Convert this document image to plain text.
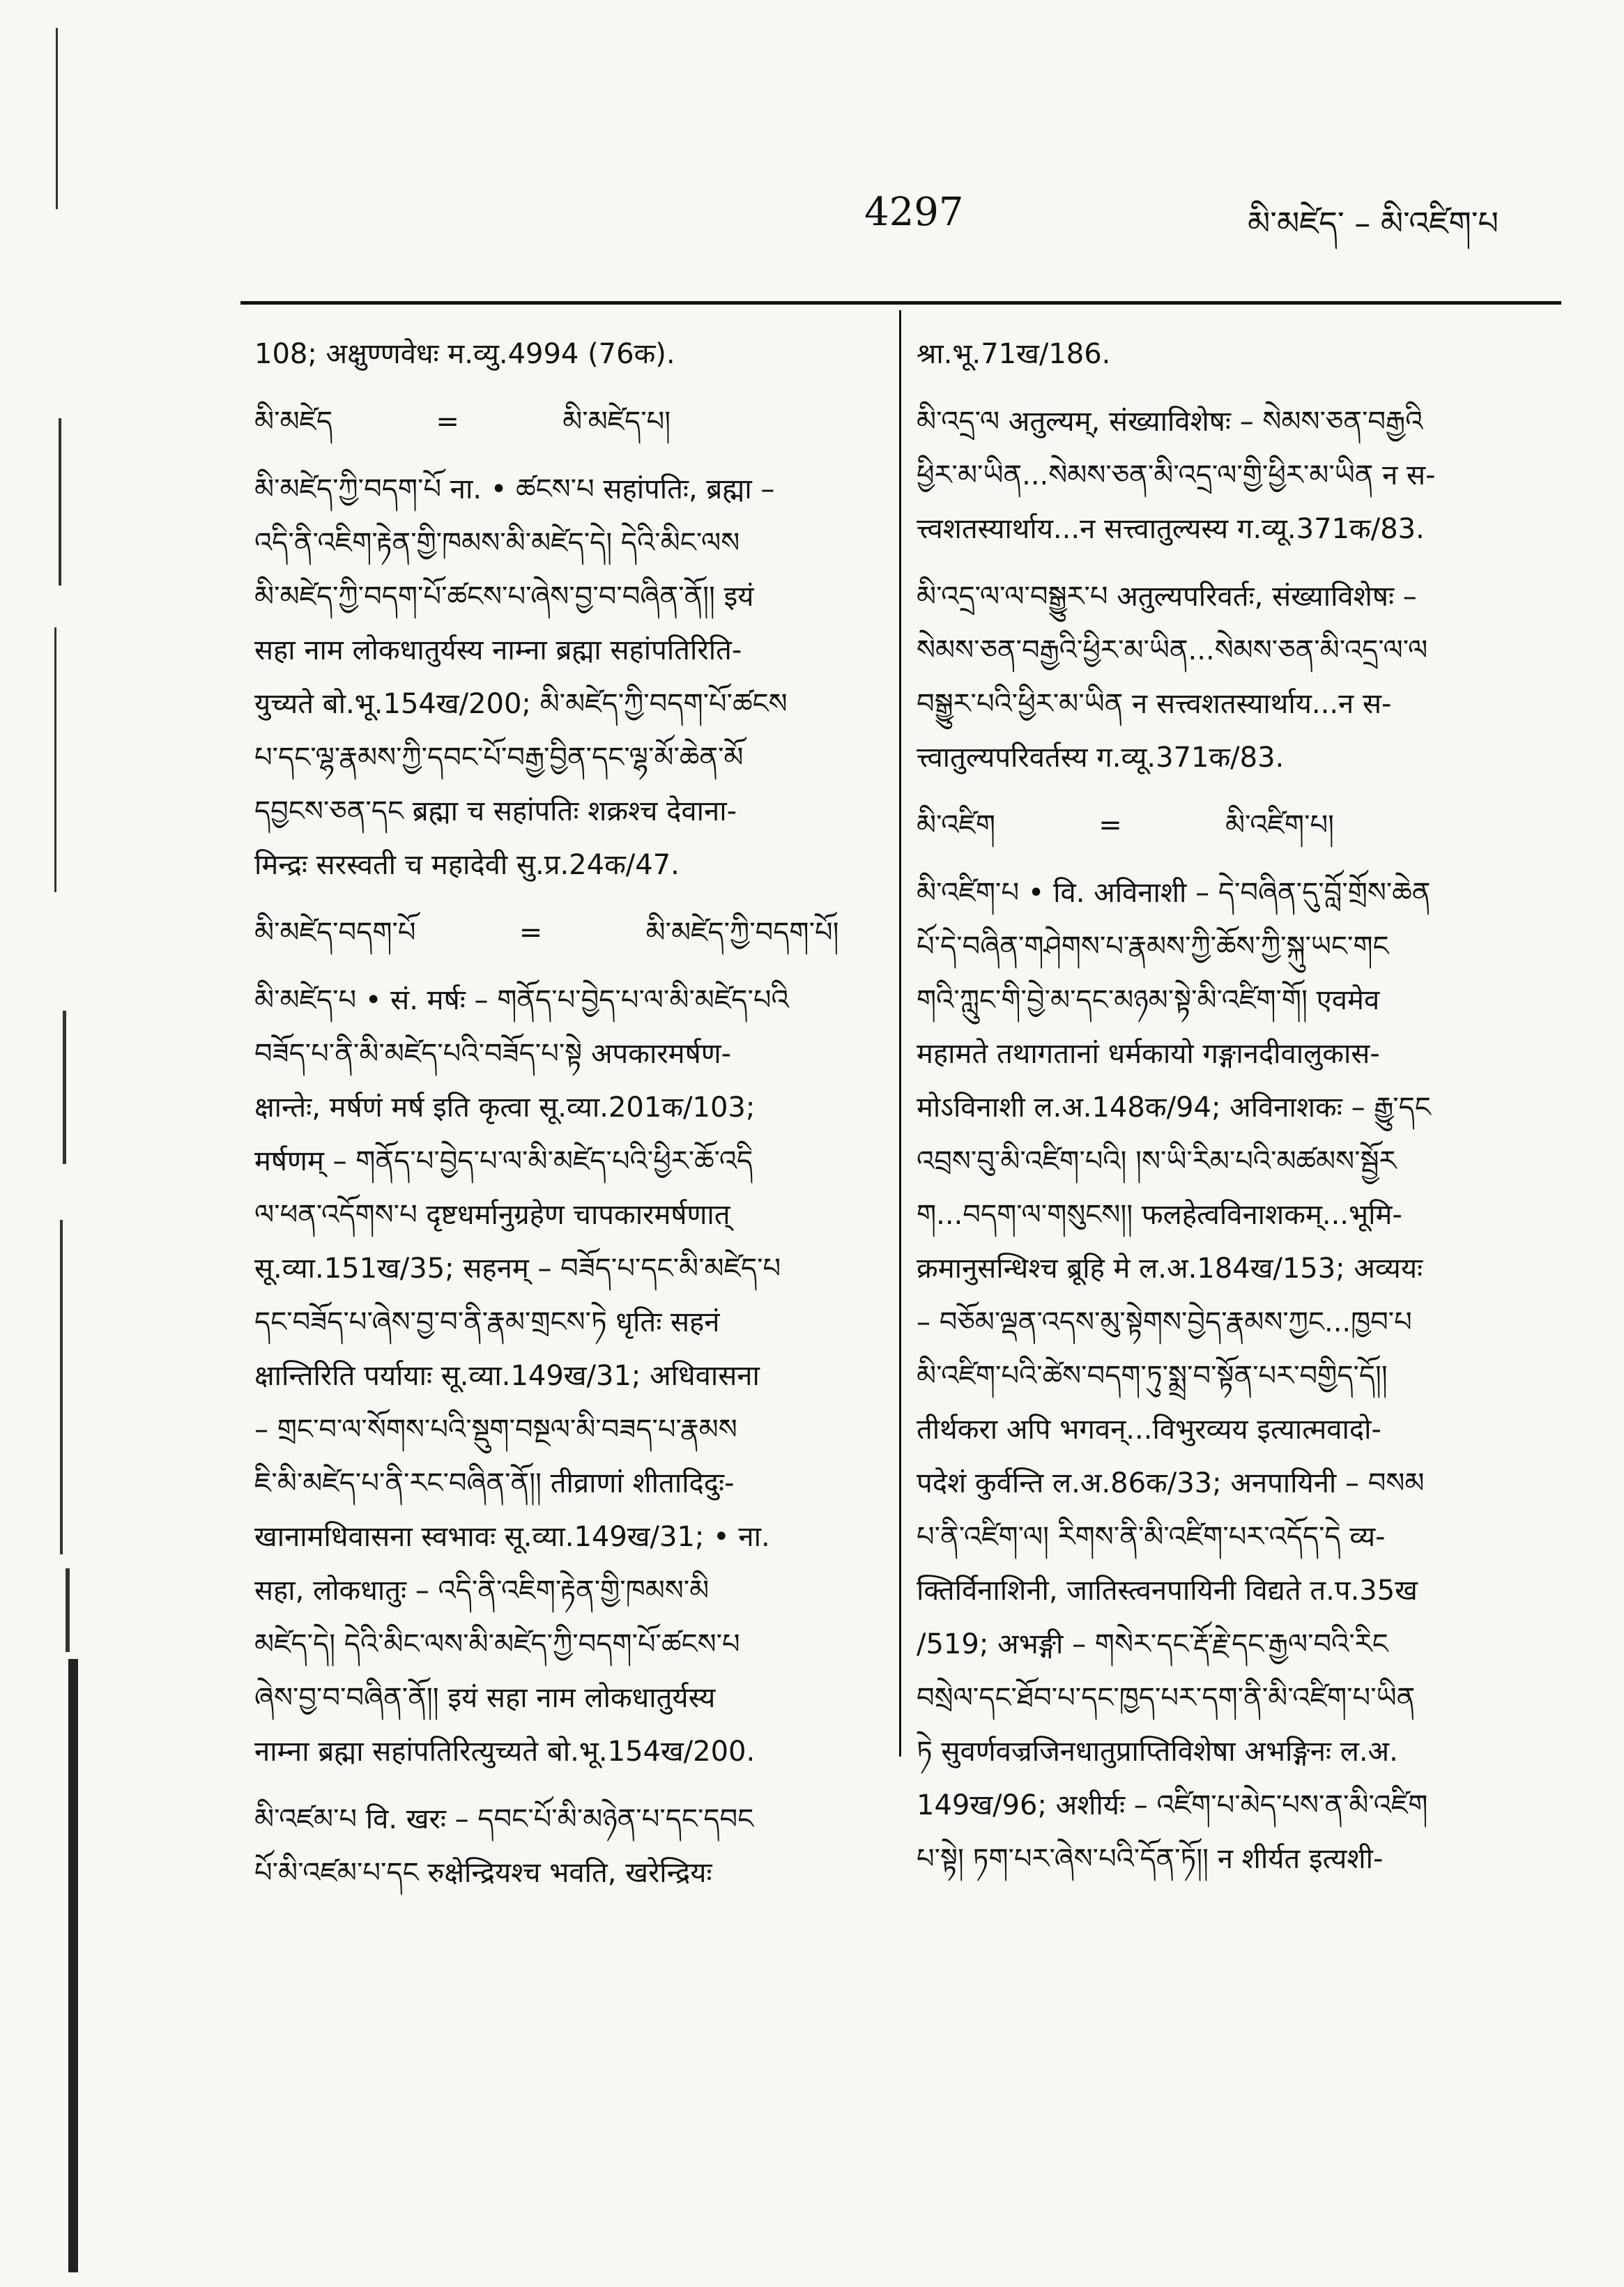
4297	མི་མཛེད་ – མི་འཛིག་པ
108; अक्षुण्णवेधः म.व्यु.4994 (76क).
མི་མཛེད	=	མི་མཛེད་པ།
མི་མཛེད་ཀྱི་བདག་པོ ना. • ཚངས་པ सहांपतिः, ब्रह्मा –
འདི་ནི་འཇིག་རྟེན་གྱི་ཁམས་མི་མཛེད་དེ། དེའི་མིང་ལས
མི་མཛེད་ཀྱི་བདག་པོ་ཚངས་པ་ཞེས་བྱ་བ་བཞིན་ནོ།། इयं
सहा नाम लोकधातुर्यस्य नाम्ना ब्रह्मा सहांपतिरिति-
युच्यते बो.भू.154ख/200; མི་མཛེད་ཀྱི་བདག་པོ་ཚངས
པ་དང་ལྷ་རྣམས་ཀྱི་དབང་པོ་བརྒྱ་བྱིན་དང་ལྷ་མོ་ཆེན་མོ
དབྱངས་ཅན་དང ब्रह्मा च सहांपतिः शक्रश्च देवाना-
मिन्द्रः सरस्वती च महादेवी सु.प्र.24क/47.
མི་མཛེད་བདག་པོ	=	མི་མཛེད་ཀྱི་བདག་པོ།
མི་མཛེད་པ • सं. मर्षः – གནོད་པ་བྱེད་པ་ལ་མི་མཛེད་པའི
བཟོད་པ་ནི་མི་མཛེད་པའི་བཟོད་པ་སྟེ अपकारमर्षण-
क्षान्तेः, मर्षणं मर्ष इति कृत्वा सू.व्या.201क/103;
मर्षणम् – གནོད་པ་བྱེད་པ་ལ་མི་མཛེད་པའི་ཕྱིར་ཆོ་འདི
ལ་ཕན་འདོགས་པ दृष्टधर्मानुग्रहेण चापकारमर्षणात्
सू.व्या.151ख/35; सहनम् – བཟོད་པ་དང་མི་མཛེད་པ
དང་བཟོད་པ་ཞེས་བྱ་བ་ནི་རྣམ་གྲངས་ཏེ धृतिः सहनं
क्षान्तिरिति पर्यायाः सू.व्या.149ख/31; अधिवासना
– གྲང་བ་ལ་སོགས་པའི་སྡུག་བསྔལ་མི་བཟད་པ་རྣམས
ཇི་མི་མཛེད་པ་ནི་རང་བཞིན་ནོ།། तीव्राणां शीतादिदुः-
खानामधिवासना स्वभावः सू.व्या.149ख/31; • ना.
सहा, लोकधातुः – འདི་ནི་འཇིག་རྟེན་གྱི་ཁམས་མི
མཛེད་དེ། དེའི་མིང་ལས་མི་མཛེད་ཀྱི་བདག་པོ་ཚངས་པ
ཞེས་བྱ་བ་བཞིན་ནོ།། इयं सहा नाम लोकधातुर्यस्य
नाम्ना ब्रह्मा सहांपतिरित्युच्यते बो.भू.154ख/200.
མི་འཛམ་པ वि. खरः – དབང་པོ་མི་མཉེན་པ་དང་དབང
པོ་མི་འཛམ་པ་དང रुक्षेन्द्रियश्च भवति, खरेन्द्रियः
श्रा.भू.71ख/186.
མི་འདྲ་ལ अतुल्यम्, संख्याविशेषः – སེམས་ཅན་བརྒྱའི
ཕྱིར་མ་ཡིན...སེམས་ཅན་མི་འདྲ་ལ་གྱི་ཕྱིར་མ་ཡིན न स-
त्त्वशतस्यार्थाय...न सत्त्वातुल्यस्य ग.व्यू.371क/83.
མི་འདྲ་ལ་ལ་བསྒྱུར་པ अतुल्यपरिवर्तः, संख्याविशेषः –
སེམས་ཅན་བརྒྱའི་ཕྱིར་མ་ཡིན...སེམས་ཅན་མི་འདྲ་ལ་ལ
བསྒྱུར་པའི་ཕྱིར་མ་ཡིན न सत्त्वशतस्यार्थाय...न स-
त्त्वातुल्यपरिवर्तस्य ग.व्यू.371क/83.
མི་འཛིག	=	མི་འཛིག་པ།
མི་འཛིག་པ • वि. अविनाशी – དེ་བཞིན་དུ་བློ་གྲོས་ཆེན
པོ་དེ་བཞིན་གཤེགས་པ་རྣམས་ཀྱི་ཆོས་ཀྱི་སྐུ་ཡང་གང
གའི་ཀླུང་གི་བྱེ་མ་དང་མཉམ་སྟེ་མི་འཛིག་གོ། एवमेव
महामते तथागतानां धर्मकायो गङ्गानदीवालुकास-
मोऽविनाशी ल.अ.148क/94; अविनाशकः – རྒྱུ་དང
འབྲས་བུ་མི་འཛིག་པའི། །ས་ཡི་རིམ་པའི་མཚམས་སྦྱོར
ག...བདག་ལ་གསུངས།། फलहेत्वविनाशकम्...भूमि-
क्रमानुसन्धिश्च ब्रूहि मे ल.अ.184ख/153; अव्ययः
– བཅོམ་ལྡན་འདས་མུ་སྟེགས་བྱེད་རྣམས་ཀྱང...ཁྱབ་པ
མི་འཛིག་པའི་ཚེས་བདག་ཏུ་སྨྲ་བ་སྟོན་པར་བགྱིད་དོ།།
तीर्थकरा अपि भगवन्...विभुरव्यय इत्यात्मवादो-
पदेशं कुर्वन्ति ल.अ.86क/33; अनपायिनी – བསམ
པ་ནི་འཛིག་ལ། རིགས་ནི་མི་འཛིག་པར་འདོད་དེ व्य-
क्तिर्विनाशिनी, जातिस्त्वनपायिनी विद्यते त.प.35ख
/519; अभङ्गी – གསེར་དང་རྡོ་རྗེ་དང་རྒྱལ་བའི་རིང
བསྲེལ་དང་ཐོབ་པ་དང་ཁྱད་པར་དག་ནི་མི་འཛིག་པ་ཡིན
ཏེ सुवर्णवज्रजिनधातुप्राप्तिविशेषा अभङ्गिनः ल.अ.
149ख/96; अशीर्यः – འཛིག་པ་མེད་པས་ན་མི་འཛིག
པ་སྟེ། ཏག་པར་ཞེས་པའི་དོན་ཏོ།། न शीर्यत इत्यशी-
